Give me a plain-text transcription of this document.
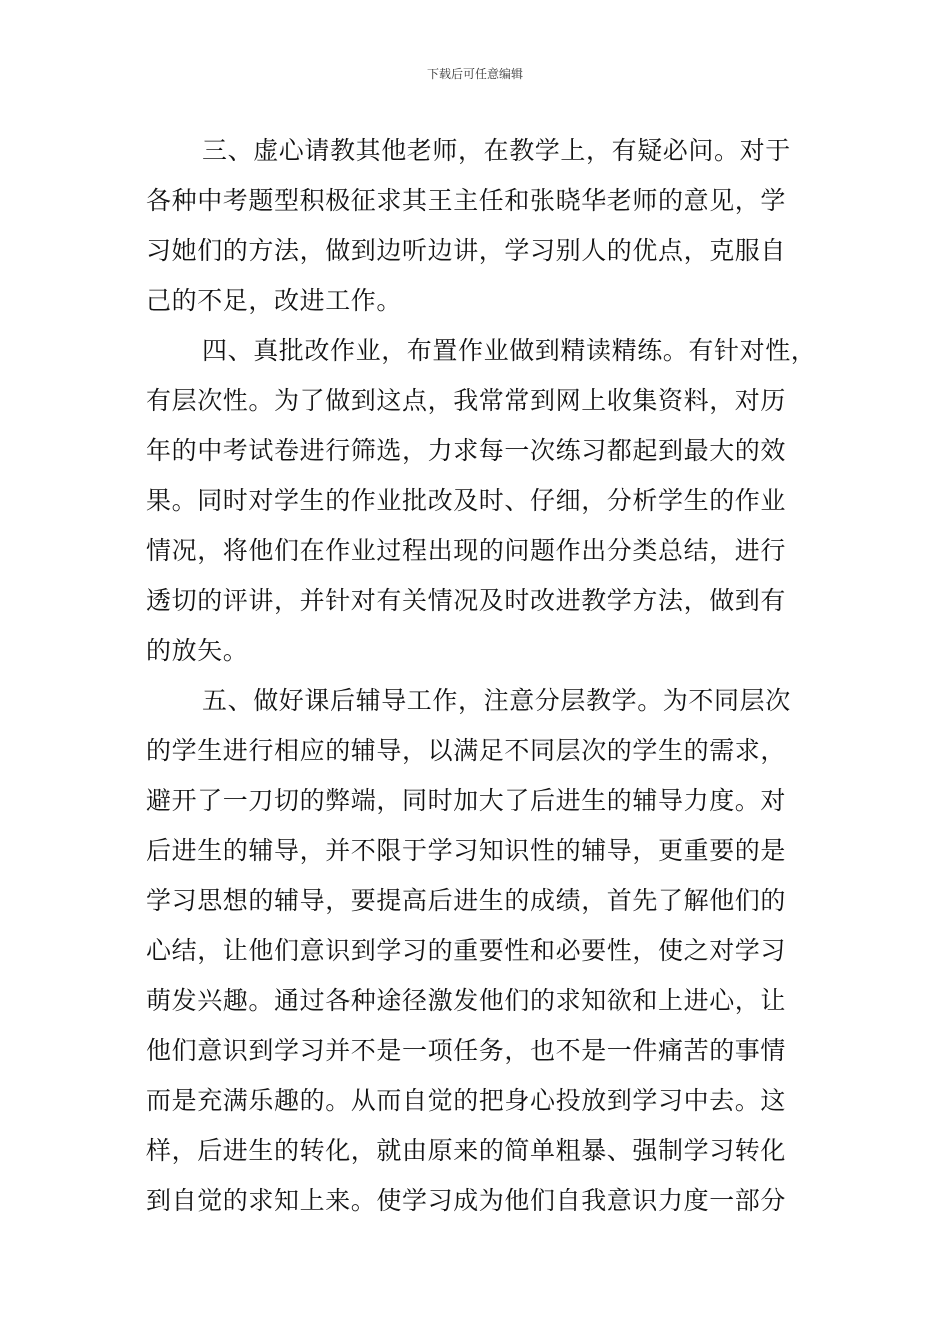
下载后可任意编辑
三、虚心请教其他老师，在教学上，有疑必问。对于
各种中考题型积极征求其王主任和张晓华老师的意见，学
习她们的方法，做到边听边讲，学习别人的优点，克服自
己的不足，改进工作。
四、真批改作业，布置作业做到精读精练。有针对性，
有层次性。为了做到这点，我常常到网上收集资料，对历
年的中考试卷进行筛选，力求每一次练习都起到最大的效
果。同时对学生的作业批改及时、仔细，分析学生的作业
情况，将他们在作业过程出现的问题作出分类总结，进行
透切的评讲，并针对有关情况及时改进教学方法，做到有
的放矢。
五、做好课后辅导工作，注意分层教学。为不同层次
的学生进行相应的辅导，以满足不同层次的学生的需求，
避开了一刀切的弊端，同时加大了后进生的辅导力度。对
后进生的辅导，并不限于学习知识性的辅导，更重要的是
学习思想的辅导，要提高后进生的成绩，首先了解他们的
心结，让他们意识到学习的重要性和必要性，使之对学习
萌发兴趣。通过各种途径激发他们的求知欲和上进心，让
他们意识到学习并不是一项任务，也不是一件痛苦的事情
而是充满乐趣的。从而自觉的把身心投放到学习中去。这
样，后进生的转化，就由原来的简单粗暴、强制学习转化
到自觉的求知上来。使学习成为他们自我意识力度一部分
